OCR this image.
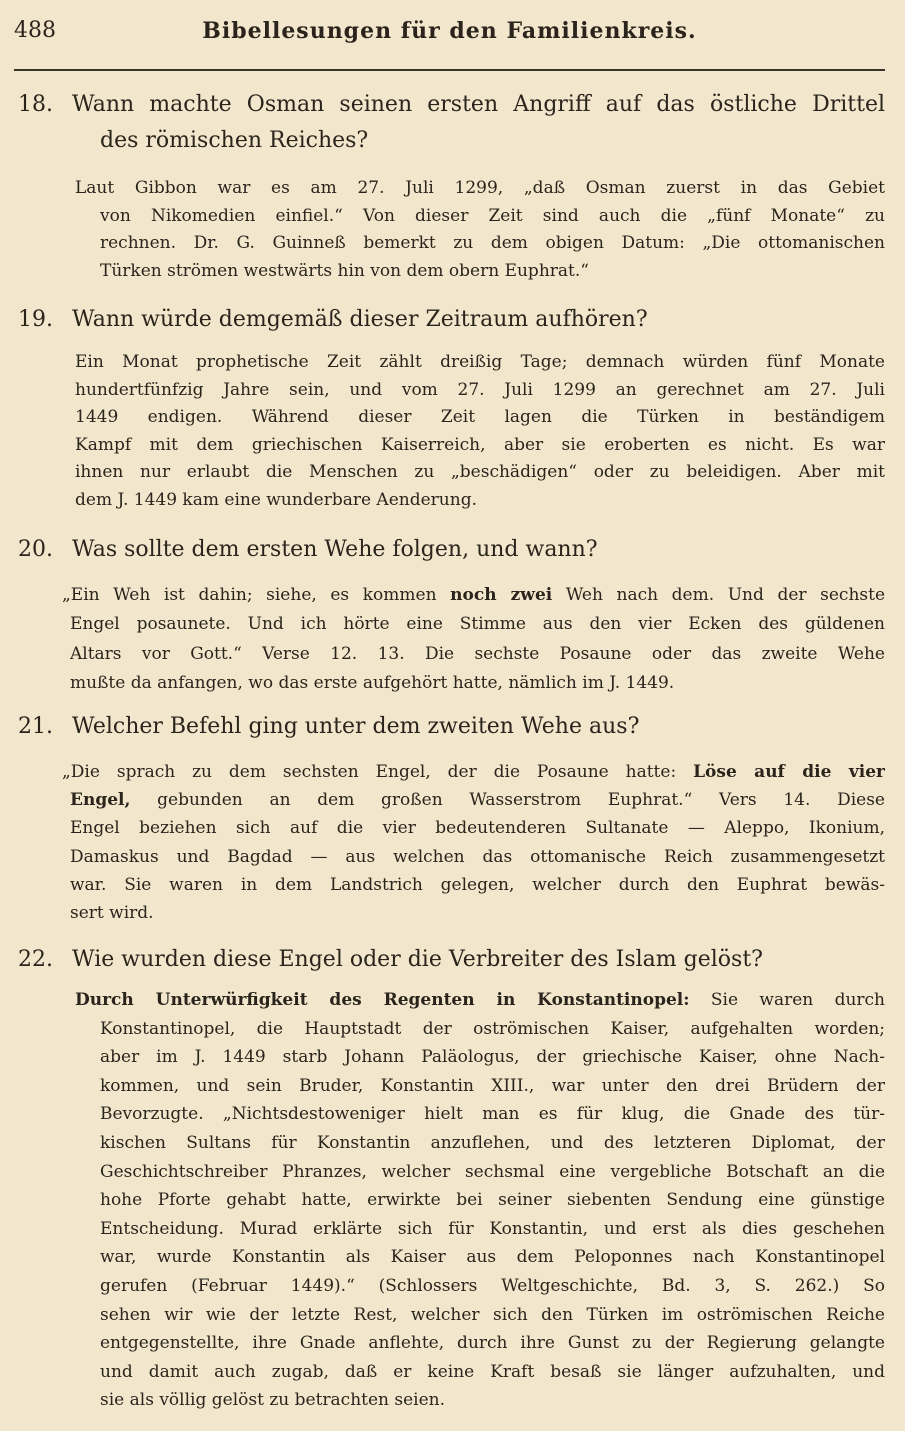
488	Bibellesungen für den Familienkreis.
18. Wann machte Osman seinen ersten Angriff auf das östliche Drittel
des römischen Reiches?
Laut Gibbon war es am 27. Juli 1299, „daß Osman zuerst in das Gebiet
von Nikomedien einfiel.“ Von dieser Zeit sind auch die „fünf Monate“ zu
rechnen. Dr. G. Guinneß bemerkt zu dem obigen Datum: „Die ottomanischen
Türken strömen westwärts hin von dem obern Euphrat.“
19. Wann würde demgemäß dieser Zeitraum aufhören?
Ein Monat prophetische Zeit zählt dreißig Tage; demnach würden fünf Monate
hundertfünfzig Jahre sein, und vom 27. Juli 1299 an gerechnet am 27. Juli
1449 endigen. Während dieser Zeit lagen die Türken in beständigem
Kampf mit dem griechischen Kaiserreich, aber sie eroberten es nicht. Es war
ihnen nur erlaubt die Menschen zu „beschädigen“ oder zu beleidigen. Aber mit
dem J. 1449 kam eine wunderbare Aenderung.
20. Was sollte dem ersten Wehe folgen, und wann?
„Ein Weh ist dahin; siehe, es kommen noch zwei Weh nach dem. Und der sechste
Engel posaunete. Und ich hörte eine Stimme aus den vier Ecken des güldenen
Altars vor Gott.“ Verse 12. 13. Die sechste Posaune oder das zweite Wehe
mußte da anfangen, wo das erste aufgehört hatte, nämlich im J. 1449.
21. Welcher Befehl ging unter dem zweiten Wehe aus?
„Die sprach zu dem sechsten Engel, der die Posaune hatte: Löse auf die vier
Engel, gebunden an dem großen Wasserstrom Euphrat.“ Vers 14. Diese
Engel beziehen sich auf die vier bedeutenderen Sultanate — Aleppo, Ikonium,
Damaskus und Bagdad — aus welchen das ottomanische Reich zusammengesetzt
war. Sie waren in dem Landstrich gelegen, welcher durch den Euphrat bewäs-
sert wird.
22. Wie wurden diese Engel oder die Verbreiter des Islam gelöst?
Durch Unterwürfigkeit des Regenten in Konstantinopel: Sie waren durch
Konstantinopel, die Hauptstadt der oströmischen Kaiser, aufgehalten worden;
aber im J. 1449 starb Johann Paläologus, der griechische Kaiser, ohne Nach-
kommen, und sein Bruder, Konstantin XIII., war unter den drei Brüdern der
Bevorzugte. „Nichtsdestoweniger hielt man es für klug, die Gnade des tür-
kischen Sultans für Konstantin anzuflehen, und des letzteren Diplomat, der
Geschichtschreiber Phranzes, welcher sechsmal eine vergebliche Botschaft an die
hohe Pforte gehabt hatte, erwirkte bei seiner siebenten Sendung eine günstige
Entscheidung. Murad erklärte sich für Konstantin, und erst als dies geschehen
war, wurde Konstantin als Kaiser aus dem Peloponnes nach Konstantinopel
gerufen (Februar 1449).“ (Schlossers Weltgeschichte, Bd. 3, S. 262.) So
sehen wir wie der letzte Rest, welcher sich den Türken im oströmischen Reiche
entgegenstellte, ihre Gnade anflehte, durch ihre Gunst zu der Regierung gelangte
und damit auch zugab, daß er keine Kraft besaß sie länger aufzuhalten, und
sie als völlig gelöst zu betrachten seien.
